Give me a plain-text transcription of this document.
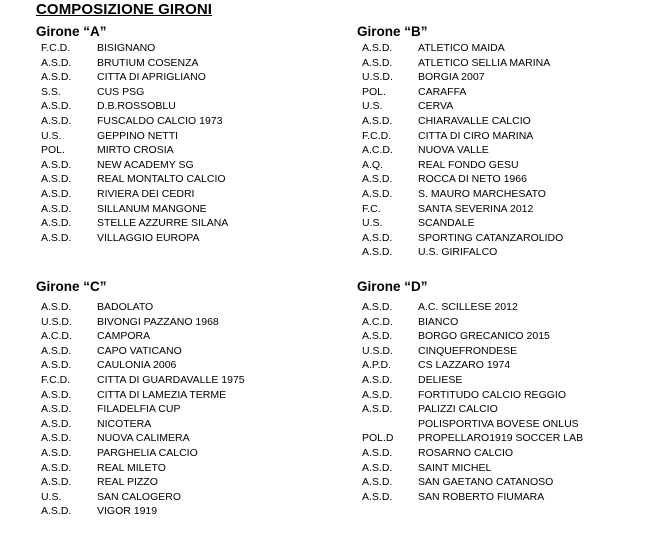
COMPOSIZIONE GIRONI
Girone “A”
F.C.D.	BISIGNANO
A.S.D. BRUTIUM COSENZA
A.S.D. CITTA DI APRIGLIANO
S.S.	CUS PSG
A.S.D. D.B.ROSSOBLU
A.S.D. FUSCALDO CALCIO 1973
U.S.	GEPPINO NETTI
POL.	MIRTO CROSIA
A.S.D. NEW ACADEMY SG
A.S.D. REAL MONTALTO CALCIO
A.S.D. RIVIERA DEI CEDRI
A.S.D. SILLANUM MANGONE
A.S.D. STELLE AZZURRE SILANA
A.S.D. VILLAGGIO EUROPA
Girone “B”
A.S.D. ATLETICO MAIDA
A.S.D. ATLETICO SELLIA MARINA
U.S.D. BORGIA 2007
POL.	CARAFFA
U.S.	CERVA
A.S.D. CHIARAVALLE CALCIO
F.C.D.	CITTA DI CIRO MARINA
A.C.D. NUOVA VALLE
A.Q.	REAL FONDO GESU
A.S.D. ROCCA DI NETO 1966
A.S.D. S. MAURO MARCHESATO
F.C.	SANTA SEVERINA 2012
U.S.	SCANDALE
A.S.D. SPORTING CATANZAROLIDO
A.S.D. U.S. GIRIFALCO
Girone “C”
A.S.D. BADOLATO
U.S.D. BIVONGI PAZZANO 1968
A.C.D. CAMPORA
A.S.D. CAPO VATICANO
A.S.D. CAULONIA 2006
F.C.D.	CITTA DI GUARDAVALLE 1975
A.S.D. CITTA DI LAMEZIA TERME
A.S.D. FILADELFIA CUP
A.S.D. NICOTERA
A.S.D. NUOVA CALIMERA
A.S.D. PARGHELIA CALCIO
A.S.D. REAL MILETO
A.S.D. REAL PIZZO
U.S.	SAN CALOGERO
A.S.D. VIGOR 1919
Girone “D”
A.S.D. A.C. SCILLESE 2012
A.C.D. BIANCO
A.S.D. BORGO GRECANICO 2015
U.S.D. CINQUEFRONDESE
A.P.D.	CS LAZZARO 1974
A.S.D. DELIESE
A.S.D. FORTITUDO CALCIO REGGIO
A.S.D. PALIZZI CALCIO
POLISPORTIVA BOVESE ONLUS
POL.D PROPELLARO1919 SOCCER LAB
A.S.D. ROSARNO CALCIO
A.S.D. SAINT MICHEL
A.S.D. SAN GAETANO CATANOSO
A.S.D. SAN ROBERTO FIUMARA
